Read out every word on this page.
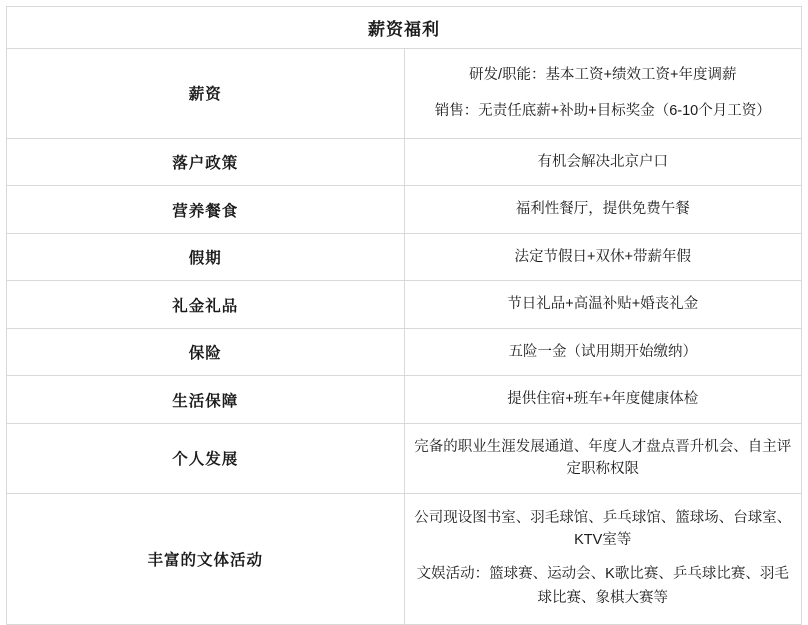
薪资福利	
薪资	研发/职能：基本工资+绩效工资+年度调薪
销售：无责任底薪+补助+目标奖金（6-10个月工资）

落户政策	有机会解决北京户口

营养餐食	福利性餐厅，提供免费午餐

假期	法定节假日+双休+带薪年假

礼金礼品	节日礼品+高温补贴+婚丧礼金

保险	五险一金（试用期开始缴纳）

生活保障	提供住宿+班车+年度健康体检

个人发展	完备的职业生涯发展通道、年度人才盘点晋升机会、自主评定职称权限

丰富的文体活动	公司现设图书室、羽毛球馆、乒乓球馆、篮球场、台球室、KTV室等
文娱活动：篮球赛、运动会、K歌比赛、乒乓球比赛、羽毛球比赛、象棋大赛等
